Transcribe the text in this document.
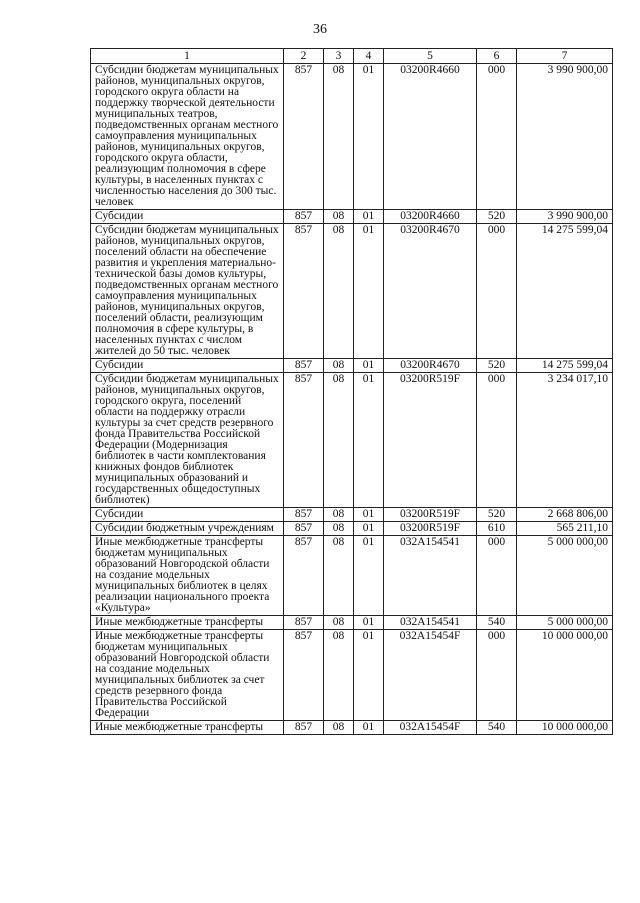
36
1	2	3	4	5	6	7
Субсидии бюджетам муниципальных районов, муниципальных округов, городского округа области на поддержку творческой деятельности муниципальных театров, подведомственных органам местного самоуправления муниципальных районов, муниципальных округов, городского округа области, реализующим полномочия в сфере культуры, в населенных пунктах с численностью населения до 300 тыс. человек	857	08	01	03200R4660	000	3 990 900,00
Субсидии	857	08	01	03200R4660	520	3 990 900,00
Субсидии бюджетам муниципальных районов, муниципальных округов, поселений области на обеспечение развития и укрепления материально-технической базы домов культуры, подведомственных органам местного самоуправления муниципальных районов, муниципальных округов, поселений области, реализующим полномочия в сфере культуры, в населенных пунктах с числом жителей до 50 тыс. человек	857	08	01	03200R4670	000	14 275 599,04
Субсидии	857	08	01	03200R4670	520	14 275 599,04
Субсидии бюджетам муниципальных районов, муниципальных округов, городского округа, поселений области на поддержку отрасли культуры за счет средств резервного фонда Правительства Российской Федерации (Модернизация библиотек в части комплектования книжных фондов библиотек муниципальных образований и государственных общедоступных библиотек)	857	08	01	03200R519F	000	3 234 017,10
Субсидии	857	08	01	03200R519F	520	2 668 806,00
Субсидии бюджетным учреждениям	857	08	01	03200R519F	610	565 211,10
Иные межбюджетные трансферты бюджетам муниципальных образований Новгородской области на создание модельных муниципальных библиотек в целях реализации национального проекта «Культура»	857	08	01	032A154541	000	5 000 000,00
Иные межбюджетные трансферты	857	08	01	032A154541	540	5 000 000,00
Иные межбюджетные трансферты бюджетам муниципальных образований Новгородской области на создание модельных муниципальных библиотек за счет средств резервного фонда Правительства Российской Федерации	857	08	01	032A15454F	000	10 000 000,00
Иные межбюджетные трансферты	857	08	01	032A15454F	540	10 000 000,00
